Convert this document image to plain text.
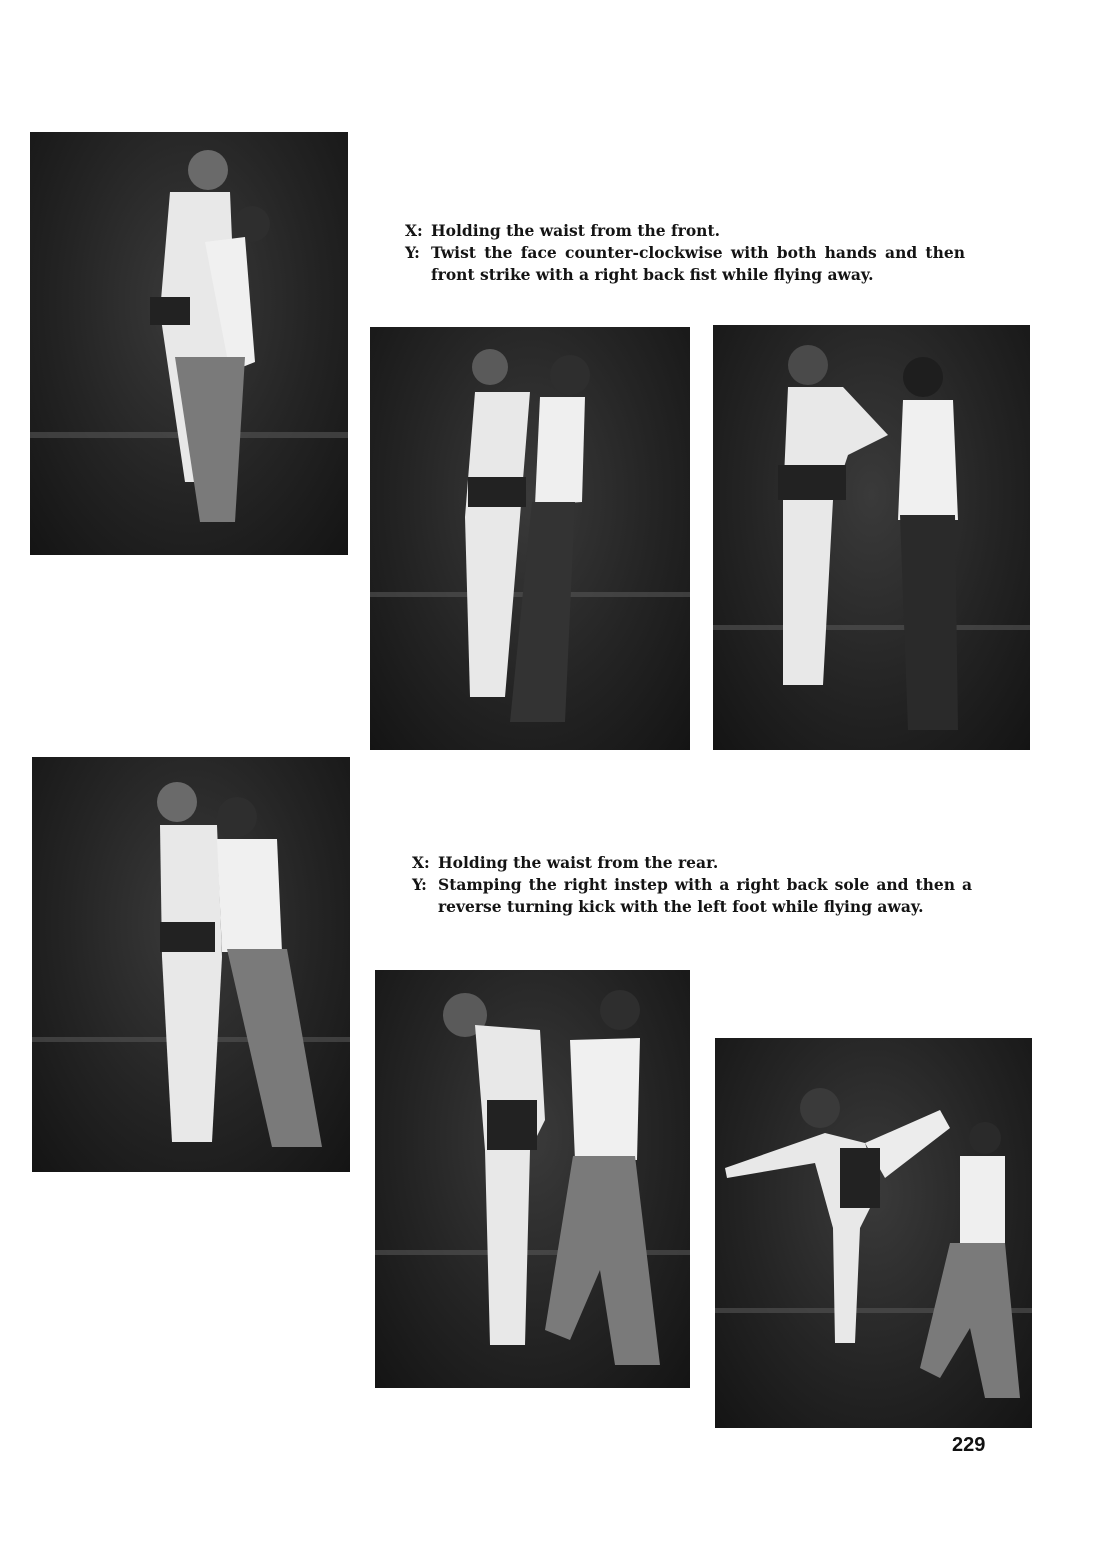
X: Holding the waist from the front.
Y: Twist the face counter-clockwise with both hands and then front strike with a right back fist while flying away.
X: Holding the waist from the rear.
Y: Stamping the right instep with a right back sole and then a reverse turning kick with the left foot while flying away.
229
